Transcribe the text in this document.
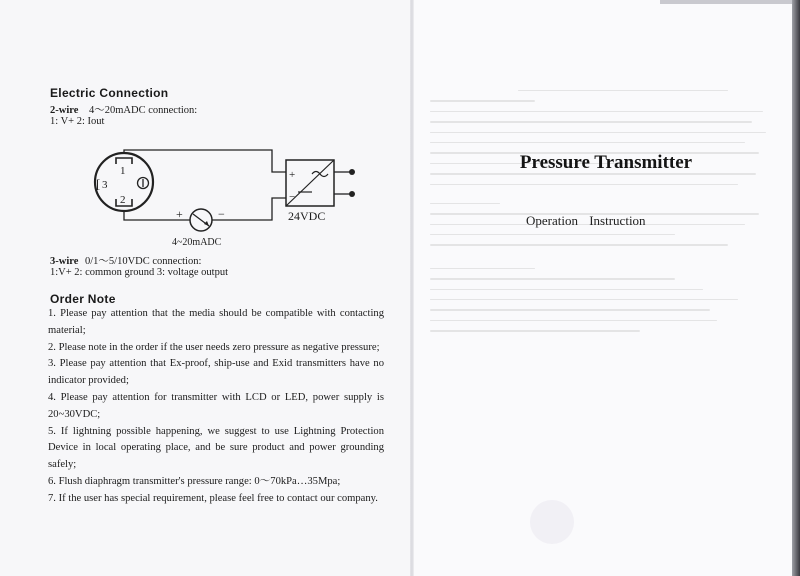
Electric Connection
2-wire 4～20mADC connection:
1: V+ 2: Iout
1
[ 3
2
+	−
4~20mADC
+
−
24VDC
3-wire 0/1～5/10VDC connection:
1:V+ 2: common ground 3: voltage output
Order Note
1. Please pay attention that the media should be compatible with contacting material;
2. Please note in the order if the user needs zero pressure as negative pressure;
3. Please pay attention that Ex-proof, ship-use and Exid transmitters have no indicator provided;
4. Please pay attention for transmitter with LCD or LED, power supply is 20~30VDC;
5. If lightning possible happening, we suggest to use Lightning Protection Device in local operating place, and be sure product and power grounding safely;
6. Flush diaphragm transmitter's pressure range: 0～70kPa…35Mpa;
7. If the user has special requirement, please feel free to contact our company.
Pressure Transmitter
Operation Instruction
